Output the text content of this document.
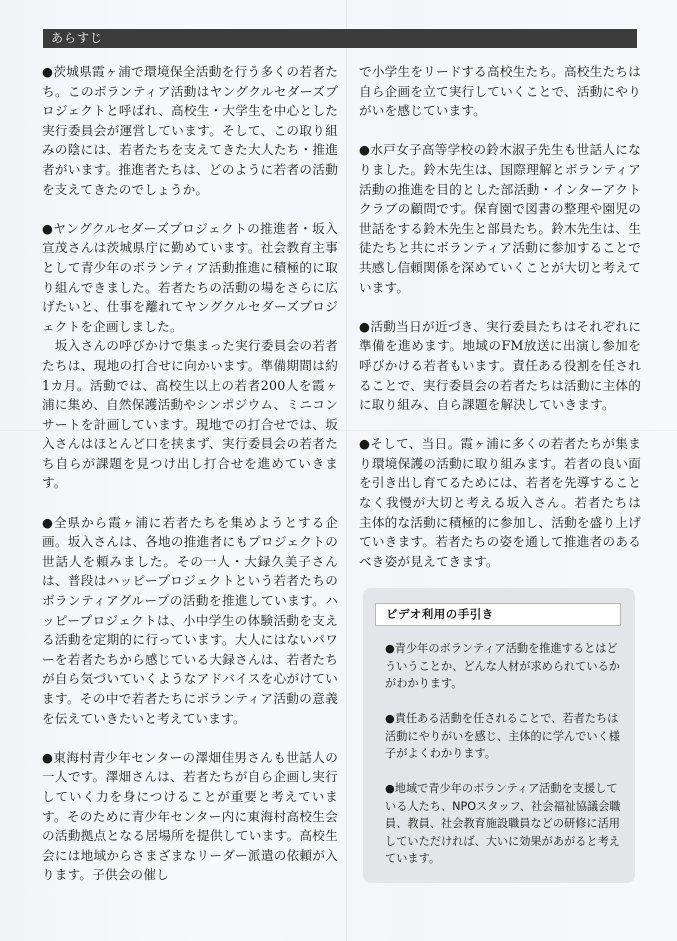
あらすじ

●茨城県霞ヶ浦で環境保全活動を行う多くの若者たち。このボランティア活動はヤングクルセダーズプロジェクトと呼ばれ、高校生・大学生を中心とした実行委員会が運営しています。そして、この取り組みの陰には、若者たちを支えてきた大人たち・推進者がいます。推進者たちは、どのように若者の活動を支えてきたのでしょうか。

●ヤングクルセダーズプロジェクトの推進者・坂入宣茂さんは茨城県庁に勤めています。社会教育主事として青少年のボランティア活動推進に積極的に取り組んできました。若者たちの活動の場をさらに広げたいと、仕事を離れてヤングクルセダーズプロジェクトを企画しました。

　坂入さんの呼びかけで集まった実行委員会の若者たちは、現地の打合せに向かいます。準備期間は約1カ月。活動では、高校生以上の若者200人を霞ヶ浦に集め、自然保護活動やシンポジウム、ミニコンサートを計画しています。現地での打合せでは、坂入さんはほとんど口を挟まず、実行委員会の若者たち自らが課題を見つけ出し打合せを進めていきます。

●全県から霞ヶ浦に若者たちを集めようとする企画。坂入さんは、各地の推進者にもプロジェクトの世話人を頼みました。その一人・大録久美子さんは、普段はハッピープロジェクトという若者たちのボランティアグループの活動を推進しています。ハッピープロジェクトは、小中学生の体験活動を支える活動を定期的に行っています。大人にはないパワーを若者たちから感じている大録さんは、若者たちが自ら気づいていくようなアドバイスを心がけています。その中で若者たちにボランティア活動の意義を伝えていきたいと考えています。

●東海村青少年センターの澤畑佳男さんも世話人の一人です。澤畑さんは、若者たちが自ら企画し実行していく力を身につけることが重要と考えています。そのために青少年センター内に東海村高校生会の活動拠点となる居場所を提供しています。高校生会には地域からさまざまなリーダー派遣の依頼が入ります。子供会の催し

で小学生をリードする高校生たち。高校生たちは自ら企画を立て実行していくことで、活動にやりがいを感じています。

●水戸女子高等学校の鈴木淑子先生も世話人になりました。鈴木先生は、国際理解とボランティア活動の推進を目的とした部活動・インターアクトクラブの顧問です。保育園で図書の整理や園児の世話をする鈴木先生と部員たち。鈴木先生は、生徒たちと共にボランティア活動に参加することで共感し信頼関係を深めていくことが大切と考えています。

●活動当日が近づき、実行委員たちはそれぞれに準備を進めます。地域のFM放送に出演し参加を呼びかける若者もいます。責任ある役割を任されることで、実行委員会の若者たちは活動に主体的に取り組み、自ら課題を解決していきます。

●そして、当日。霞ヶ浦に多くの若者たちが集まり環境保護の活動に取り組みます。若者の良い面を引き出し育てるためには、若者を先導することなく我慢が大切と考える坂入さん。若者たちは主体的な活動に積極的に参加し、活動を盛り上げていきます。若者たちの姿を通して推進者のあるべき姿が見えてきます。

ビデオ利用の手引き

●青少年のボランティア活動を推進するとはどういうことか、どんな人材が求められているかがわかります。

●責任ある活動を任されることで、若者たちは活動にやりがいを感じ、主体的に学んでいく様子がよくわかります。

●地域で青少年のボランティア活動を支援している人たち、NPOスタッフ、社会福祉協議会職員、教員、社会教育施設職員などの研修に活用していただければ、大いに効果があがると考えています。
